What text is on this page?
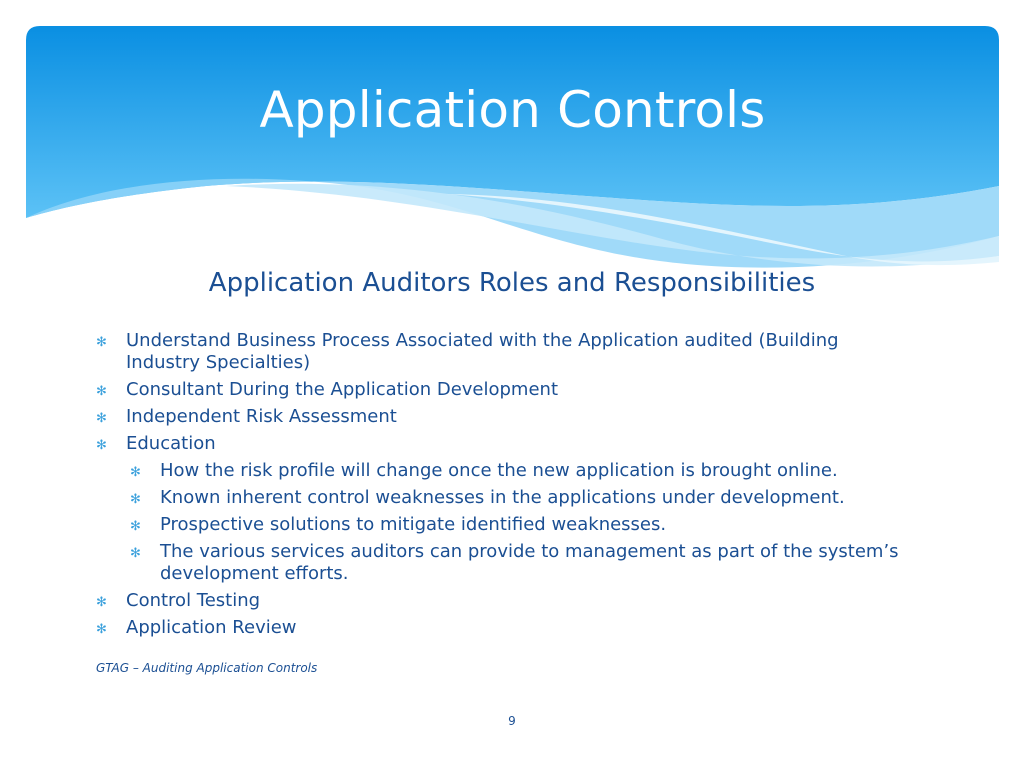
Application Controls
Application Auditors Roles and Responsibilities
✻ Understand Business Process Associated with the Application audited (Building Industry Specialties)
✻ Consultant During the Application Development
✻ Independent Risk Assessment
✻ Education
✻ How the risk profile will change once the new application is brought online.
✻ Known inherent control weaknesses in the applications under development.
✻ Prospective solutions to mitigate identified weaknesses.
✻ The various services auditors can provide to management as part of the system’s development efforts.
✻ Control Testing
✻ Application Review
GTAG – Auditing Application Controls
9
